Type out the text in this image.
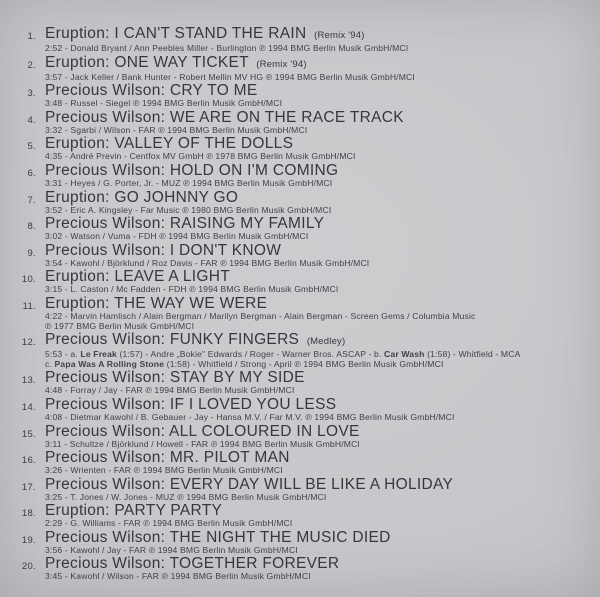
1. Eruption: I CAN'T STAND THE RAIN (Remix '94)
2:52 - Donald Bryant / Ann Peebles Miller - Burlington ℗ 1994 BMG Berlin Musik GmbH/MCI
2. Eruption: ONE WAY TICKET (Remix '94)
3:57 - Jack Keller / Bank Hunter - Robert Mellin MV HG ℗ 1994 BMG Berlin Musik GmbH/MCI
3. Precious Wilson: CRY TO ME
3:48 - Russel - Siegel ℗ 1994 BMG Berlin Musik GmbH/MCI
4. Precious Wilson: WE ARE ON THE RACE TRACK
3:32 - Sgarbi / Wilson - FAR ℗ 1994 BMG Berlin Musik GmbH/MCI
5. Eruption: VALLEY OF THE DOLLS
4:35 - André Previn - Centfox MV GmbH ℗ 1978 BMG Berlin Musik GmbH/MCI
6. Precious Wilson: HOLD ON I'M COMING
3:31 - Heyes / G. Porter, Jr. - MUZ ℗ 1994 BMG Berlin Musik GmbH/MCI
7. Eruption: GO JOHNNY GO
3:52 - Eric A. Kingsley - Far Music ℗ 1980 BMG Berlin Musik GmbH/MCI
8. Precious Wilson: RAISING MY FAMILY
3:02 - Watson / Vuma - FDH ℗ 1994 BMG Berlin Musik GmbH/MCI
9. Precious Wilson: I DON'T KNOW
3:54 - Kawohl / Björklund / Roz Davis - FAR ℗ 1994 BMG Berlin Musik GmbH/MCI
10. Eruption: LEAVE A LIGHT
3:15 - L. Caston / Mc Fadden - FDH ℗ 1994 BMG Berlin Musik GmbH/MCI
11. Eruption: THE WAY WE WERE
4:22 - Marvin Hamlisch / Alain Bergman / Marilyn Bergman - Alain Bergman - Screen Gems / Columbia Music
℗ 1977 BMG Berlin Musik GmbH/MCI
12. Precious Wilson: FUNKY FINGERS (Medley)
5:53 - a. Le Freak (1:57) - Andre „Bokie" Edwards / Roger - Warner Bros. ASCAP - b. Car Wash (1:58) - Whitfield - MCA
c. Papa Was A Rolling Stone (1:58) - Whitfield / Strong - April ℗ 1994 BMG Berlin Musik GmbH/MCI
13. Precious Wilson: STAY BY MY SIDE
4:48 - Forray / Jay - FAR ℗ 1994 BMG Berlin Musik GmbH/MCI
14. Precious Wilson: IF I LOVED YOU LESS
4:08 - Dietmar Kawohl / B. Gebauer - Jay - Hansa M.V. / Far M.V. ℗ 1994 BMG Berlin Musik GmbH/MCI
15. Precious Wilson: ALL COLOURED IN LOVE
3:11 - Schultze / Björklund / Howell - FAR ℗ 1994 BMG Berlin Musik GmbH/MCI
16. Precious Wilson: MR. PILOT MAN
3:26 - Wrienten - FAR ℗ 1994 BMG Berlin Musik GmbH/MCI
17. Precious Wilson: EVERY DAY WILL BE LIKE A HOLIDAY
3:25 - T. Jones / W. Jones - MUZ ℗ 1994 BMG Berlin Musik GmbH/MCI
18. Eruption: PARTY PARTY
2:29 - G. Williams - FAR ℗ 1994 BMG Berlin Musik GmbH/MCI
19. Precious Wilson: THE NIGHT THE MUSIC DIED
3:56 - Kawohl / Jay - FAR ℗ 1994 BMG Berlin Musik GmbH/MCI
20. Precious Wilson: TOGETHER FOREVER
3:45 - Kawohl / Wilson - FAR ℗ 1994 BMG Berlin Musik GmbH/MCI
